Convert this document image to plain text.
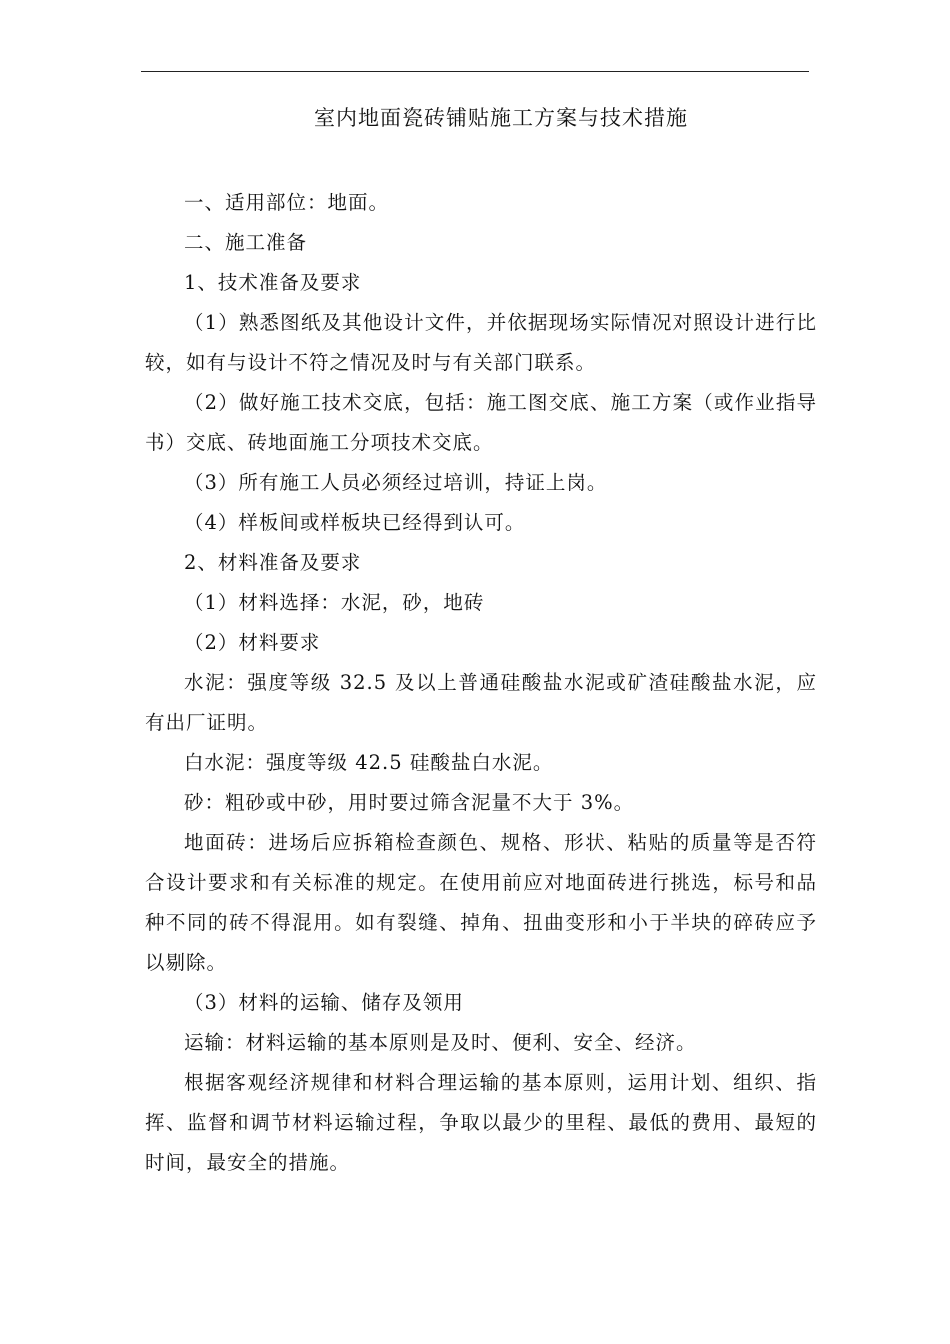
室内地面瓷砖铺贴施工方案与技术措施

一、适用部位：地面。

二、施工准备

1、技术准备及要求

（1）熟悉图纸及其他设计文件，并依据现场实际情况对照设计进行比较，如有与设计不符之情况及时与有关部门联系。

（2）做好施工技术交底，包括：施工图交底、施工方案（或作业指导书）交底、砖地面施工分项技术交底。

（3）所有施工人员必须经过培训，持证上岗。

（4）样板间或样板块已经得到认可。

2、材料准备及要求

（1）材料选择：水泥，砂，地砖

（2）材料要求

水泥：强度等级 32.5 及以上普通硅酸盐水泥或矿渣硅酸盐水泥，应有出厂证明。

白水泥：强度等级 42.5 硅酸盐白水泥。

砂：粗砂或中砂，用时要过筛含泥量不大于 3%。

地面砖：进场后应拆箱检查颜色、规格、形状、粘贴的质量等是否符合设计要求和有关标准的规定。在使用前应对地面砖进行挑选，标号和品种不同的砖不得混用。如有裂缝、掉角、扭曲变形和小于半块的碎砖应予以剔除。

（3）材料的运输、储存及领用

运输：材料运输的基本原则是及时、便利、安全、经济。

根据客观经济规律和材料合理运输的基本原则，运用计划、组织、指挥、监督和调节材料运输过程，争取以最少的里程、最低的费用、最短的时间，最安全的措施。
